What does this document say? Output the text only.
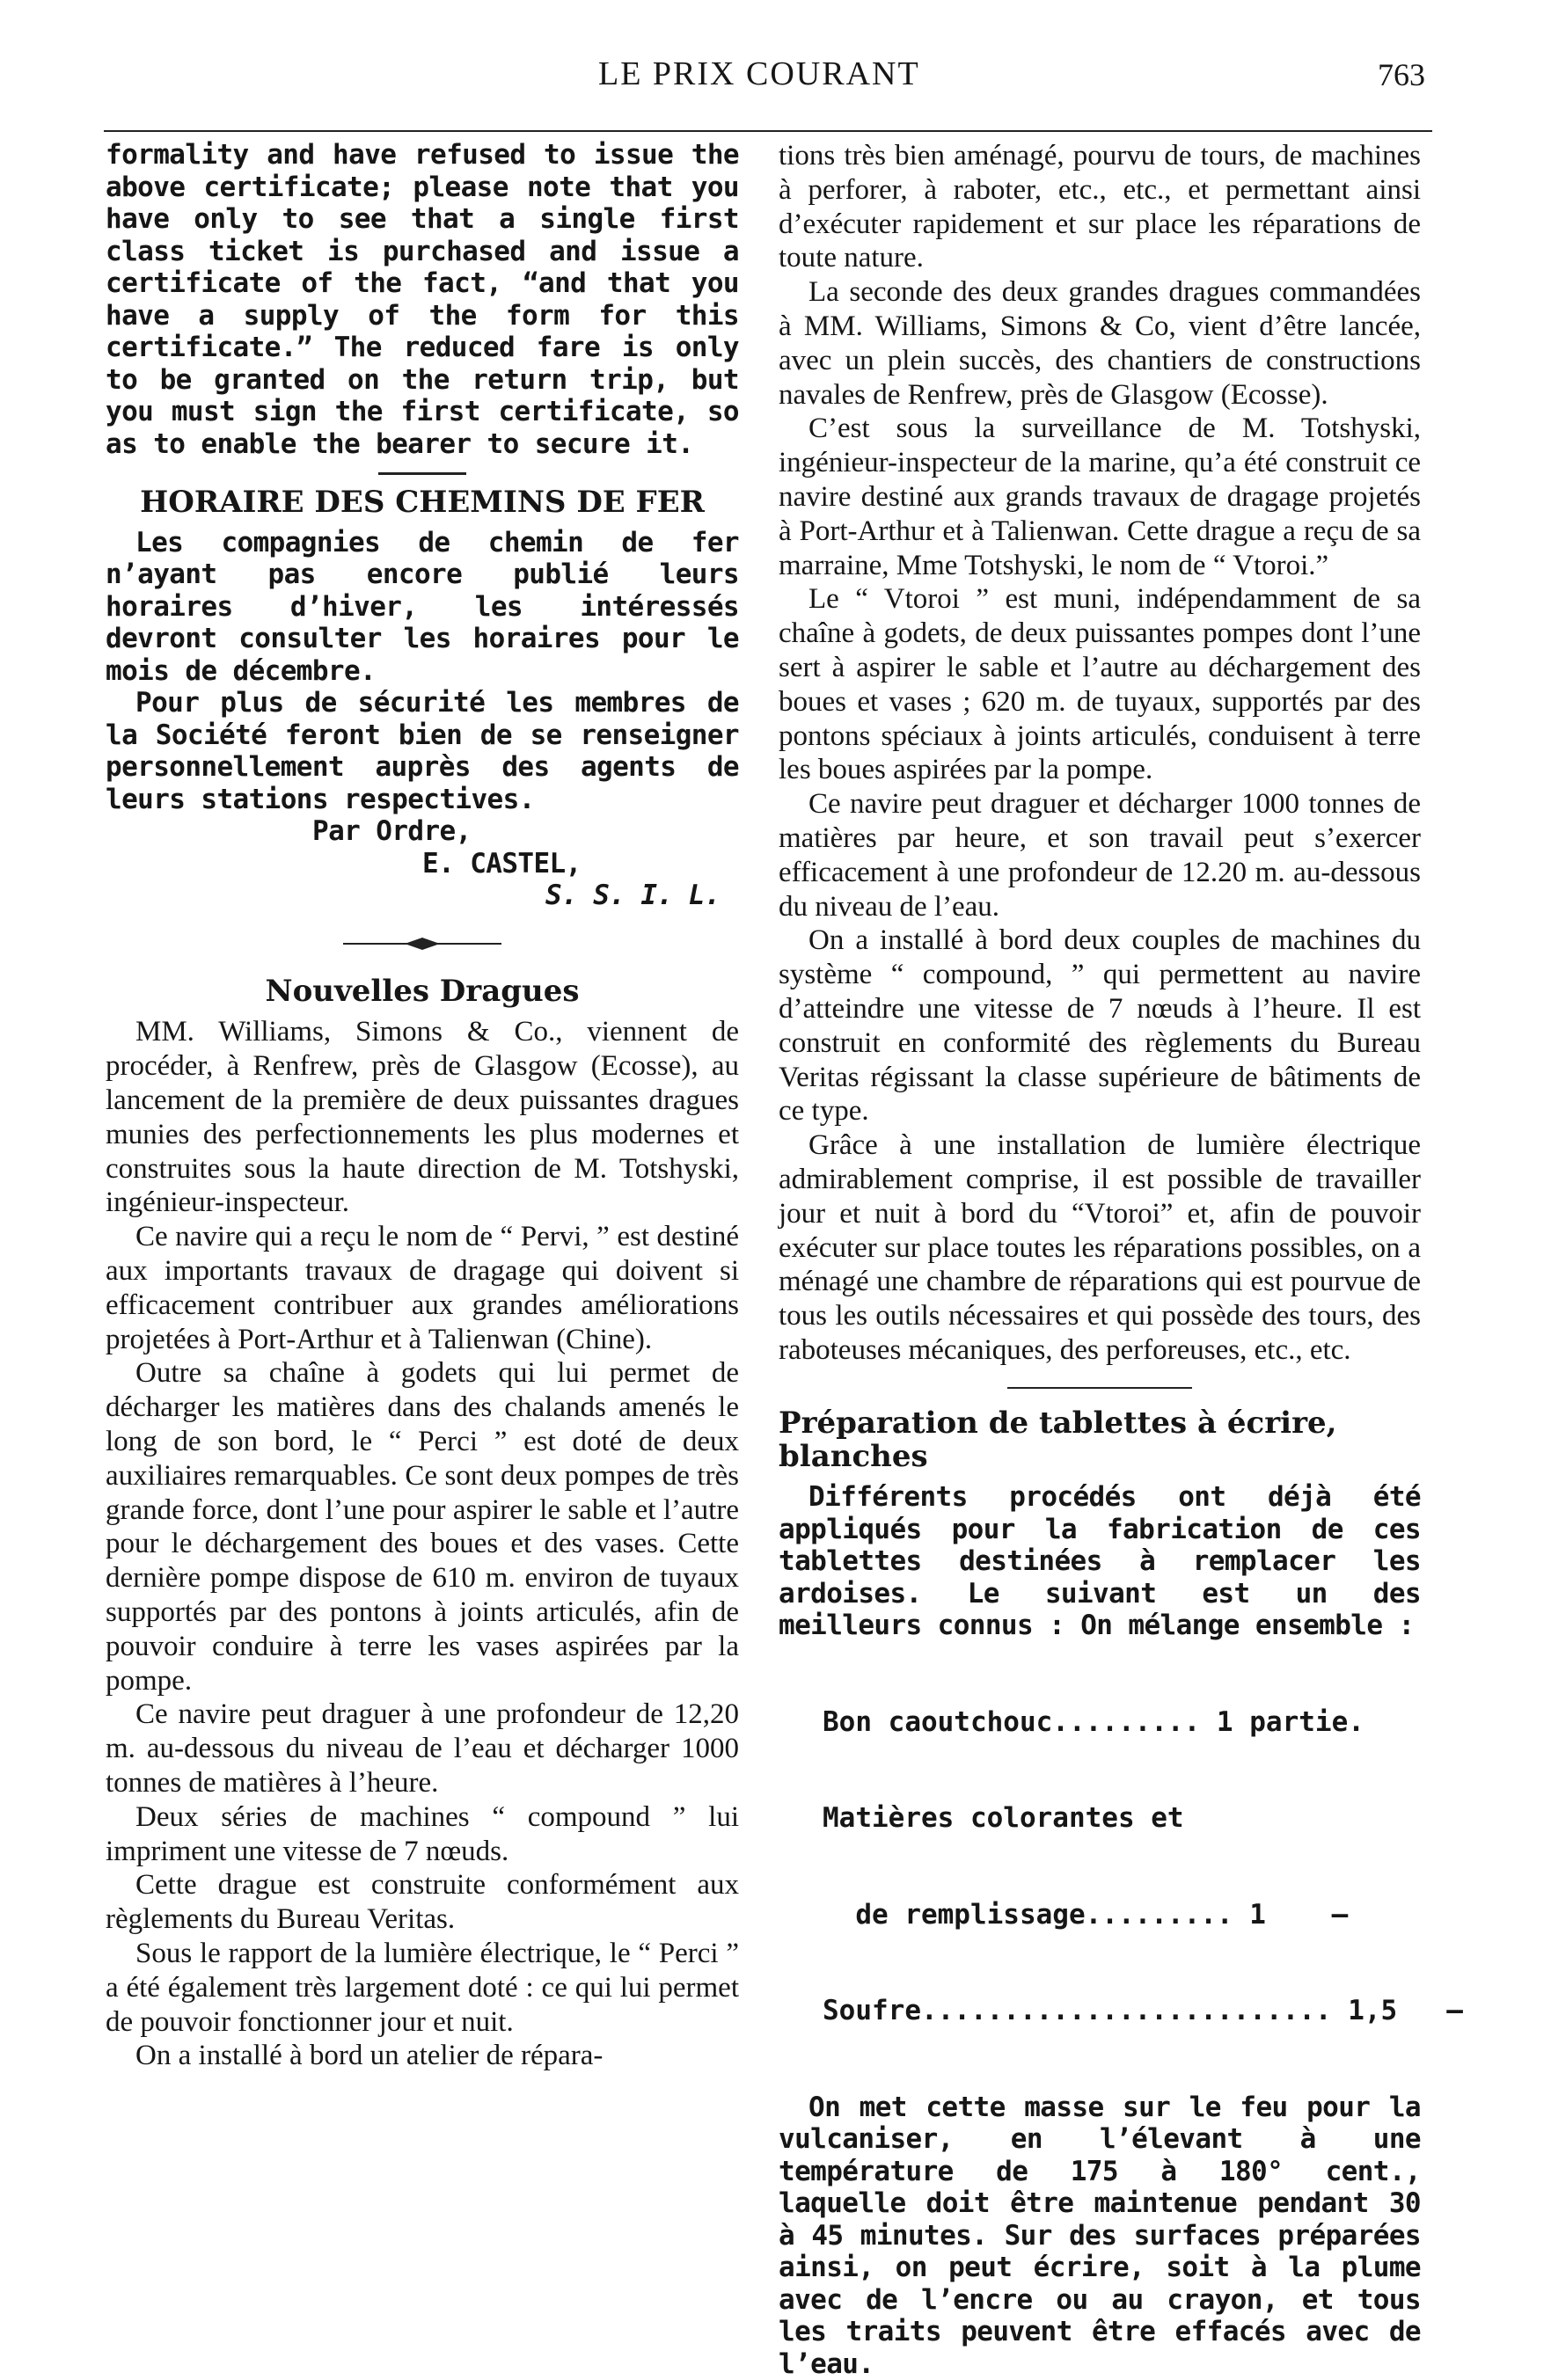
LE PRIX COURANT	763

formality and have refused to issue the above certificate; please note that you have only to see that a single first class ticket is purchased and issue a certificate of the fact, “and that you have a supply of the form for this certificate.” The reduced fare is only to be granted on the return trip, but you must sign the first certificate, so as to enable the bearer to secure it.

HORAIRE DES CHEMINS DE FER

Les compagnies de chemin de fer n’ayant pas encore publié leurs horaires d’hiver, les intéressés devront consulter les horaires pour le mois de décembre.

Pour plus de sécurité les membres de la Société feront bien de se renseigner personnellement auprès des agents de leurs stations respectives.

Par Ordre,

E. CASTEL,

S. S. I. L.

Nouvelles Dragues

MM. Williams, Simons & Co., viennent de procéder, à Renfrew, près de Glasgow (Ecosse), au lancement de la première de deux puissantes dragues munies des perfectionnements les plus modernes et construites sous la haute direction de M. Totshyski, ingénieur-inspecteur.

Ce navire qui a reçu le nom de “ Pervi, ” est destiné aux importants travaux de dragage qui doivent si efficacement contribuer aux grandes améliorations projetées à Port-Arthur et à Talienwan (Chine).

Outre sa chaîne à godets qui lui permet de décharger les matières dans des chalands amenés le long de son bord, le “ Perci ” est doté de deux auxiliaires remarquables. Ce sont deux pompes de très grande force, dont l’une pour aspirer le sable et l’autre pour le déchargement des boues et des vases. Cette dernière pompe dispose de 610 m. environ de tuyaux supportés par des pontons à joints articulés, afin de pouvoir conduire à terre les vases aspirées par la pompe.

Ce navire peut draguer à une profondeur de 12,20 m. au-dessous du niveau de l’eau et décharger 1000 tonnes de matières à l’heure.

Deux séries de machines “ compound ” lui impriment une vitesse de 7 nœuds.

Cette drague est construite conformément aux règlements du Bureau Veritas.

Sous le rapport de la lumière électrique, le “ Perci ” a été également très largement doté : ce qui lui permet de pouvoir fonctionner jour et nuit.

On a installé à bord un atelier de répara-

tions très bien aménagé, pourvu de tours, de machines à perforer, à raboter, etc., etc., et permettant ainsi d’exécuter rapidement et sur place les réparations de toute nature.

La seconde des deux grandes dragues commandées à MM. Williams, Simons & Co, vient d’être lancée, avec un plein succès, des chantiers de constructions navales de Renfrew, près de Glasgow (Ecosse).

C’est sous la surveillance de M. Totshyski, ingénieur-inspecteur de la marine, qu’a été construit ce navire destiné aux grands travaux de dragage projetés à Port-Arthur et à Talienwan. Cette drague a reçu de sa marraine, Mme Totshyski, le nom de “ Vtoroi.”

Le “ Vtoroi ” est muni, indépendamment de sa chaîne à godets, de deux puissantes pompes dont l’une sert à aspirer le sable et l’autre au déchargement des boues et vases ; 620 m. de tuyaux, supportés par des pontons spéciaux à joints articulés, conduisent à terre les boues aspirées par la pompe.

Ce navire peut draguer et décharger 1000 tonnes de matières par heure, et son travail peut s’exercer efficacement à une profondeur de 12.20 m. au-dessous du niveau de l’eau.

On a installé à bord deux couples de machines du système “ compound, ” qui permettent au navire d’atteindre une vitesse de 7 nœuds à l’heure. Il est construit en conformité des règlements du Bureau Veritas régissant la classe supérieure de bâtiments de ce type.

Grâce à une installation de lumière électrique admirablement comprise, il est possible de travailler jour et nuit à bord du “Vtoroi” et, afin de pouvoir exécuter sur place toutes les réparations possibles, on a ménagé une chambre de réparations qui est pourvue de tous les outils nécessaires et qui possède des tours, des raboteuses mécaniques, des perforeuses, etc., etc.

Préparation de tablettes à écrire, blanches

Différents procédés ont déjà été appliqués pour la fabrication de ces tablettes destinées à remplacer les ardoises. Le suivant est un des meilleurs connus : On mélange ensemble :

Bon caoutchouc......... 1 partie.

Matières colorantes et

de remplissage......... 1    —

Soufre......................... 1,5   —

On met cette masse sur le feu pour la vulcaniser, en l’élevant à une température de 175 à 180° cent., laquelle doit être maintenue pendant 30 à 45 minutes. Sur des surfaces préparées ainsi, on peut écrire, soit à la plume avec de l’encre ou au crayon, et tous les traits peuvent être effacés avec de l’eau.
